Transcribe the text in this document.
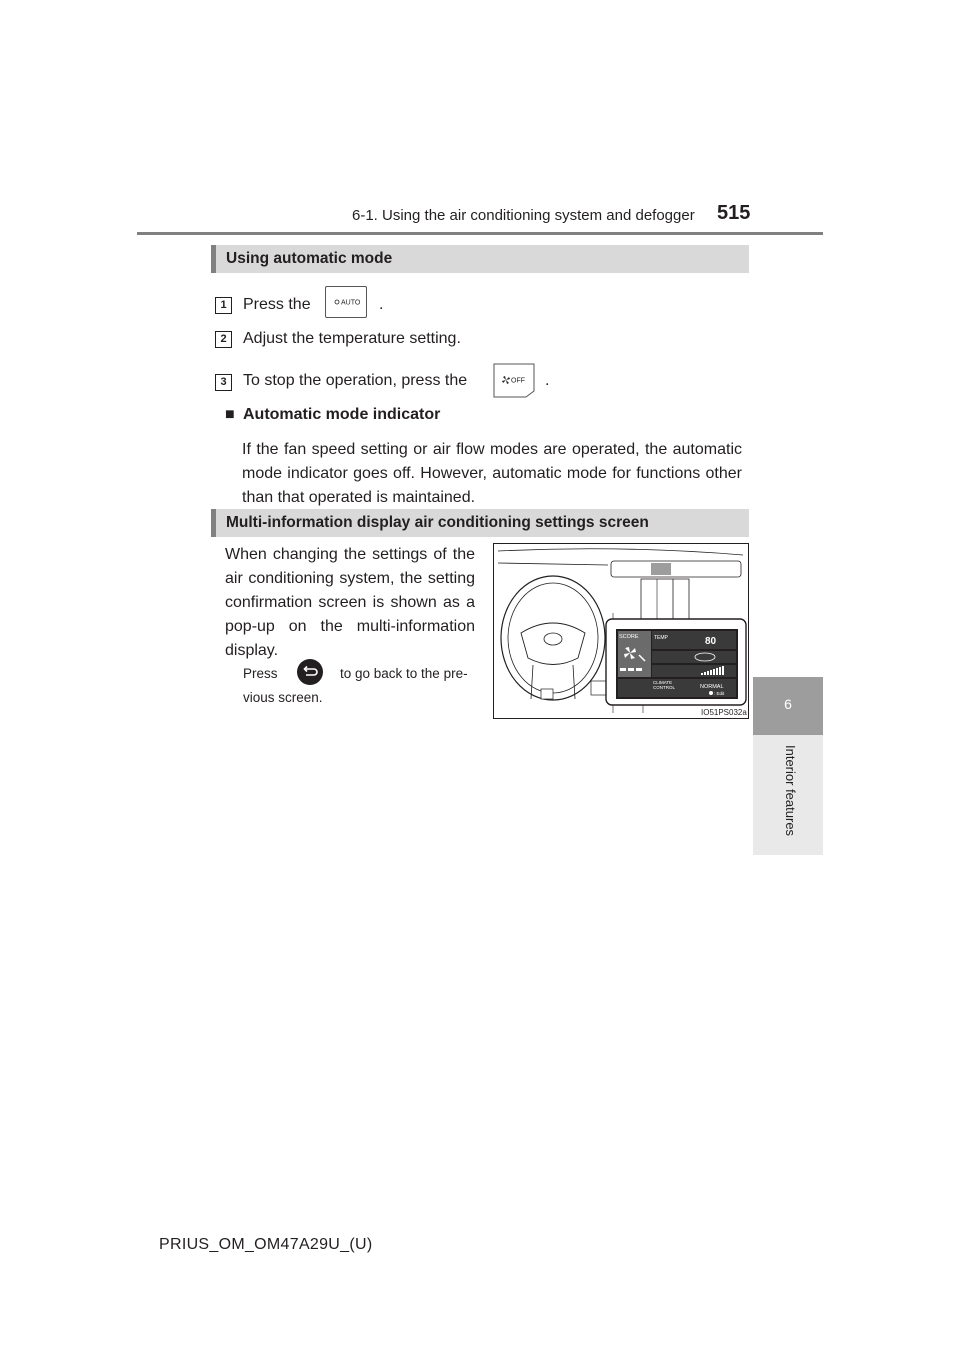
6-1. Using the air conditioning system and defogger 515
6
Interior features
Using automatic mode
1	Press the	AUTO .
2	Adjust the temperature setting.
3	To stop the operation, press the	OFF .
■ Automatic mode indicator
If the fan speed setting or air flow modes are operated, the automatic mode indicator goes off. However, automatic mode for functions other than that operated is maintained.
Multi-information display air conditioning settings screen
When changing the settings of the air conditioning system, the setting confirmation screen is shown as a pop-up on the multi-information display.
Press	to go back to the pre-
vious screen.
SCORE	TEMP	80
CLIMATE
CONTROL	NORMAL
: Edit
IO51PS032a
PRIUS_OM_OM47A29U_(U)
